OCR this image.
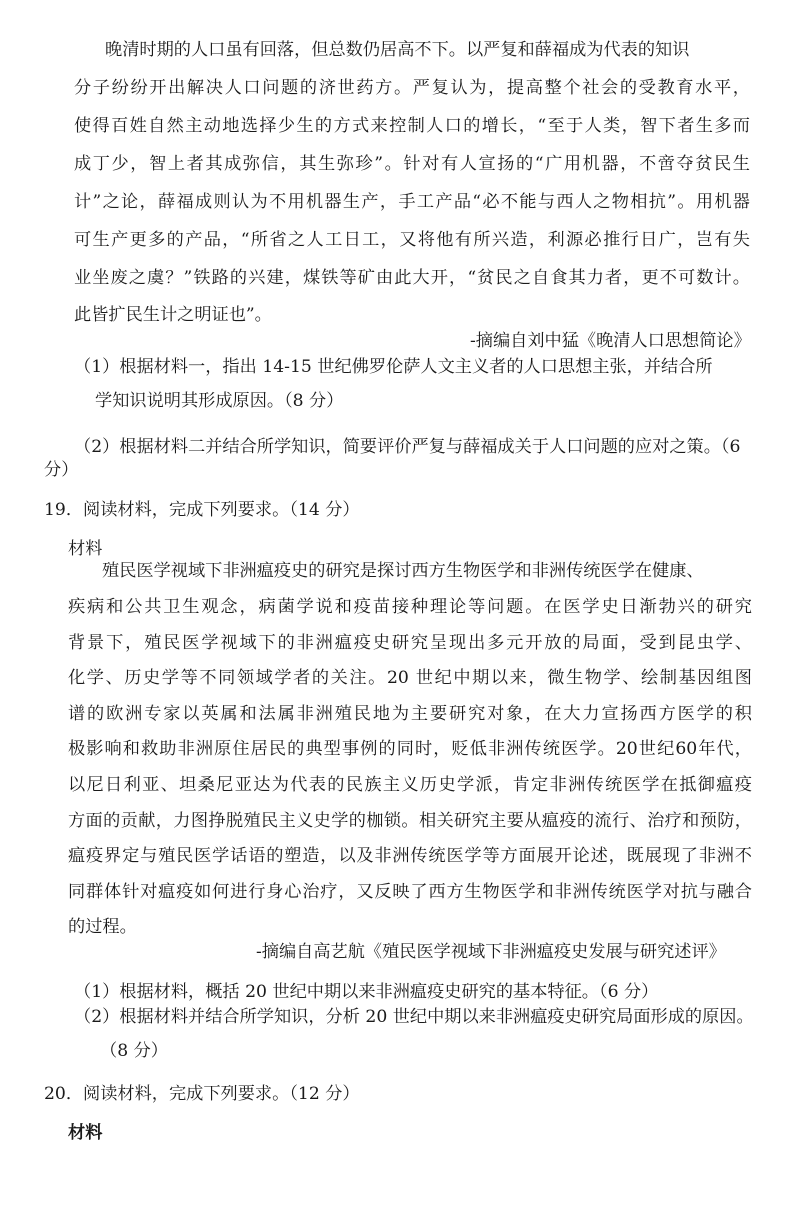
晚清时期的人口虽有回落，但总数仍居高不下。以严复和薛福成为代表的知识
分子纷纷开出解决人口问题的济世药方。严复认为，提高整个社会的受教育水平，
使得百姓自然主动地选择少生的方式来控制人口的增长，“至于人类，智下者生多而
成丁少，智上者其成弥信，其生弥珍”。针对有人宣扬的“广用机器，不啻夺贫民生
计”之论，薛福成则认为不用机器生产，手工产品“必不能与西人之物相抗”。用机器
可生产更多的产品，“所省之人工日工，又将他有所兴造，利源必推行日广，岂有失
业坐废之虞？”铁路的兴建，煤铁等矿由此大开，“贫民之自食其力者，更不可数计。
此皆扩民生计之明证也”。
-摘编自刘中猛《晚清人口思想简论》
（1）根据材料一，指出 14-15 世纪佛罗伦萨人文主义者的人口思想主张，并结合所
学知识说明其形成原因。（8 分）
（2）根据材料二并结合所学知识，简要评价严复与薛福成关于人口问题的应对之策。（6
分）
19．阅读材料，完成下列要求。（14 分）
材料
殖民医学视域下非洲瘟疫史的研究是探讨西方生物医学和非洲传统医学在健康、
疾病和公共卫生观念，病菌学说和疫苗接种理论等问题。在医学史日渐勃兴的研究
背景下，殖民医学视域下的非洲瘟疫史研究呈现出多元开放的局面，受到昆虫学、
化学、历史学等不同领域学者的关注。20 世纪中期以来，微生物学、绘制基因组图
谱的欧洲专家以英属和法属非洲殖民地为主要研究对象，在大力宣扬西方医学的积
极影响和救助非洲原住居民的典型事例的同时，贬低非洲传统医学。20世纪60年代，
以尼日利亚、坦桑尼亚达为代表的民族主义历史学派，肯定非洲传统医学在抵御瘟疫
方面的贡献，力图挣脱殖民主义史学的枷锁。相关研究主要从瘟疫的流行、治疗和预防，
瘟疫界定与殖民医学话语的塑造，以及非洲传统医学等方面展开论述，既展现了非洲不
同群体针对瘟疫如何进行身心治疗，又反映了西方生物医学和非洲传统医学对抗与融合
的过程。
-摘编自高艺航《殖民医学视域下非洲瘟疫史发展与研究述评》
（1）根据材料，概括 20 世纪中期以来非洲瘟疫史研究的基本特征。（6 分）
（2）根据材料并结合所学知识，分析 20 世纪中期以来非洲瘟疫史研究局面形成的原因。
（8 分）
20．阅读材料，完成下列要求。（12 分）
材料
